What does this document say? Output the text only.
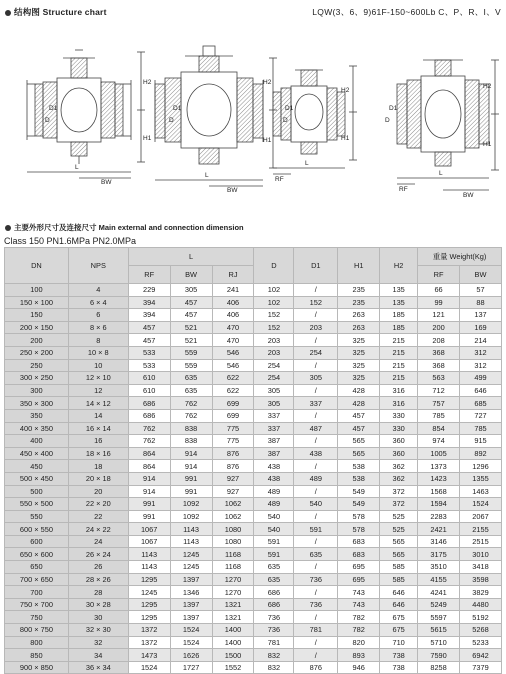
结构图 Structure chart	LQW(3、6、9)61F-150~600Lb C、P、R、I、V
L
BW
H1
H2
D
D1
L
BW
H1
H2
D
D1
L
RF
H1
H2
D
D1
L
RF
BW
H1
H2
D
D1
主要外形尺寸及连接尺寸 Main external and connection dimension
Class 150 PN1.6MPa PN2.0MPa
DN	NPS	L			D	D1	H1	H2	重量 Weight(Kg)	
		RF	BW	RJ					RF	BW
100	4	229	305	241	102	/	235	135	66	57
150 × 100	6 × 4	394	457	406	102	152	235	135	99	88
150	6	394	457	406	152	/	263	185	121	137
200 × 150	8 × 6	457	521	470	152	203	263	185	200	169
200	8	457	521	470	203	/	325	215	208	214
250 × 200	10 × 8	533	559	546	203	254	325	215	368	312
250	10	533	559	546	254	/	325	215	368	312
300 × 250	12 × 10	610	635	622	254	305	325	215	563	499
300	12	610	635	622	305	/	428	316	712	646
350 × 300	14 × 12	686	762	699	305	337	428	316	757	685
350	14	686	762	699	337	/	457	330	785	727
400 × 350	16 × 14	762	838	775	337	487	457	330	854	785
400	16	762	838	775	387	/	565	360	974	915
450 × 400	18 × 16	864	914	876	387	438	565	360	1005	892
450	18	864	914	876	438	/	538	362	1373	1296
500 × 450	20 × 18	914	991	927	438	489	538	362	1423	1355
500	20	914	991	927	489	/	549	372	1568	1463
550 × 500	22 × 20	991	1092	1062	489	540	549	372	1594	1524
550	22	991	1092	1062	540	/	578	525	2283	2067
600 × 550	24 × 22	1067	1143	1080	540	591	578	525	2421	2155
600	24	1067	1143	1080	591	/	683	565	3146	2515
650 × 600	26 × 24	1143	1245	1168	591	635	683	565	3175	3010
650	26	1143	1245	1168	635	/	695	585	3510	3418
700 × 650	28 × 26	1295	1397	1270	635	736	695	585	4155	3598
700	28	1245	1346	1270	686	/	743	646	4241	3829
750 × 700	30 × 28	1295	1397	1321	686	736	743	646	5249	4480
750	30	1295	1397	1321	736	/	782	675	5597	5192
800 × 750	32 × 30	1372	1524	1400	736	781	782	675	5615	5268
800	32	1372	1524	1400	781	/	820	710	5710	5233
850	34	1473	1626	1500	832	/	893	738	7590	6942
900 × 850	36 × 34	1524	1727	1552	832	876	946	738	8258	7379
